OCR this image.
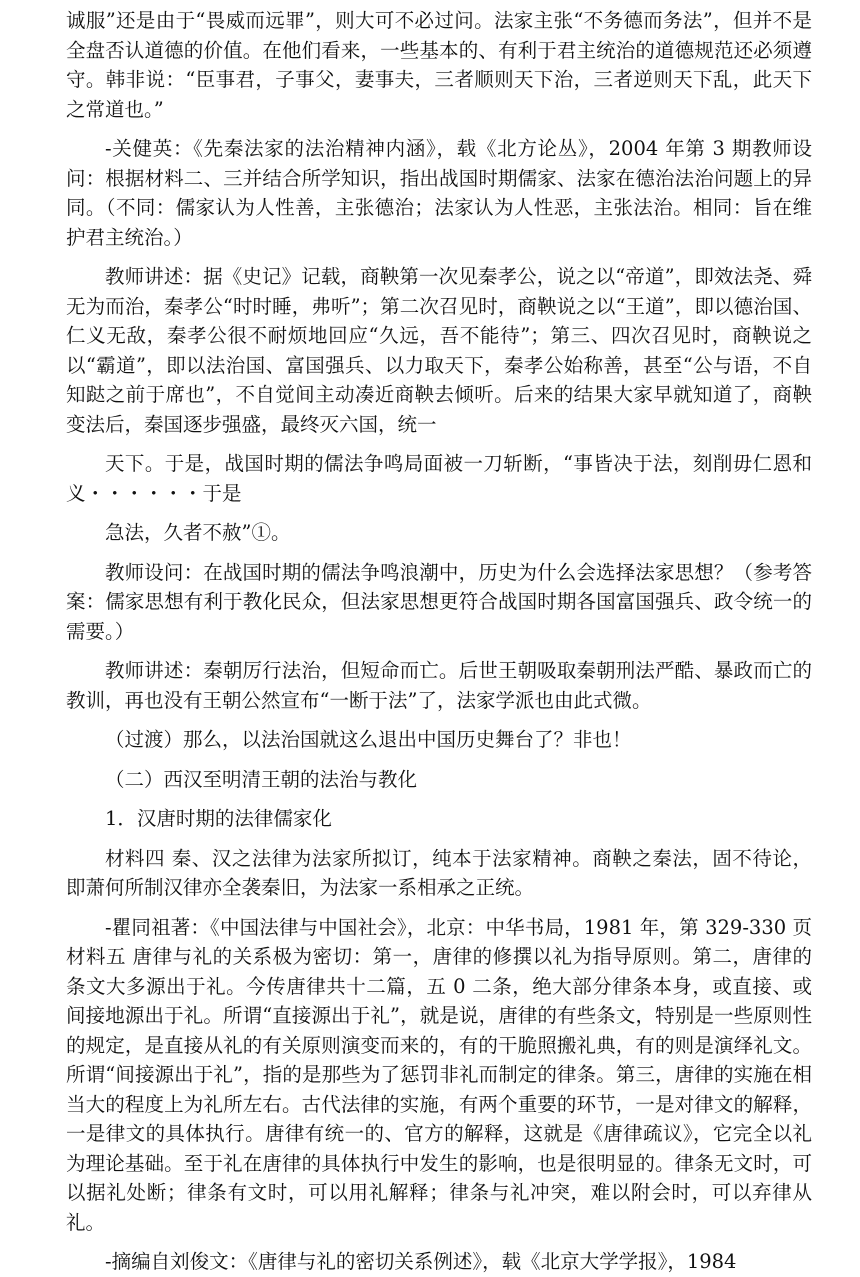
诚服”还是由于“畏威而远罪”，则大可不必过问。法家主张“不务德而务法”，但并不是全盘否认道德的价值。在他们看来，一些基本的、有利于君主统治的道德规范还必须遵守。韩非说：“臣事君，子事父，妻事夫，三者顺则天下治，三者逆则天下乱，此天下之常道也。”

-关健英：《先秦法家的法治精神内涵》，载《北方论丛》，2004 年第 3 期教师设问：根据材料二、三并结合所学知识，指出战国时期儒家、法家在德治法治问题上的异同。（不同：儒家认为人性善，主张德治；法家认为人性恶，主张法治。相同：旨在维护君主统治。）

教师讲述：据《史记》记载，商鞅第一次见秦孝公，说之以“帝道”，即效法尧、舜无为而治，秦孝公“时时睡，弗听”；第二次召见时，商鞅说之以“王道”，即以德治国、仁义无敌，秦孝公很不耐烦地回应“久远，吾不能待”；第三、四次召见时，商鞅说之以“霸道”，即以法治国、富国强兵、以力取天下，秦孝公始称善，甚至“公与语，不自知跶之前于席也”，不自觉间主动凑近商鞅去倾听。后来的结果大家早就知道了，商鞅变法后，秦国逐步强盛，最终灭六国，统一

天下。于是，战国时期的儒法争鸣局面被一刀斩断，“事皆决于法，刻削毋仁恩和义・・・・・・于是

急法，久者不赦”①。

教师设问：在战国时期的儒法争鸣浪潮中，历史为什么会选择法家思想？（参考答案：儒家思想有利于教化民众，但法家思想更符合战国时期各国富国强兵、政令统一的需要。）

教师讲述：秦朝厉行法治，但短命而亡。后世王朝吸取秦朝刑法严酷、暴政而亡的教训，再也没有王朝公然宣布“一断于法”了，法家学派也由此式微。

（过渡）那么，以法治国就这么退出中国历史舞台了？非也！

（二）西汉至明清王朝的法治与教化

1．汉唐时期的法律儒家化

材料四 秦、汉之法律为法家所拟订，纯本于法家精神。商鞅之秦法，固不待论，即萧何所制汉律亦全袭秦旧，为法家一系相承之正统。

-瞿同祖著：《中国法律与中国社会》，北京：中华书局，1981 年，第 329-330 页材料五 唐律与礼的关系极为密切：第一，唐律的修撰以礼为指导原则。第二，唐律的条文大多源出于礼。今传唐律共十二篇，五 0 二条，绝大部分律条本身，或直接、或间接地源出于礼。所谓“直接源出于礼”，就是说，唐律的有些条文，特别是一些原则性的规定，是直接从礼的有关原则演变而来的，有的干脆照搬礼典，有的则是演绎礼文。所谓“间接源出于礼”，指的是那些为了惩罚非礼而制定的律条。第三，唐律的实施在相当大的程度上为礼所左右。古代法律的实施，有两个重要的环节，一是对律文的解释，一是律文的具体执行。唐律有统一的、官方的解释，这就是《唐律疏议》，它完全以礼为理论基础。至于礼在唐律的具体执行中发生的影响，也是很明显的。律条无文时，可以据礼处断；律条有文时，可以用礼解释；律条与礼冲突，难以附会时，可以弃律从礼。

-摘编自刘俊文：《唐律与礼的密切关系例述》，载《北京大学学报》，1984
